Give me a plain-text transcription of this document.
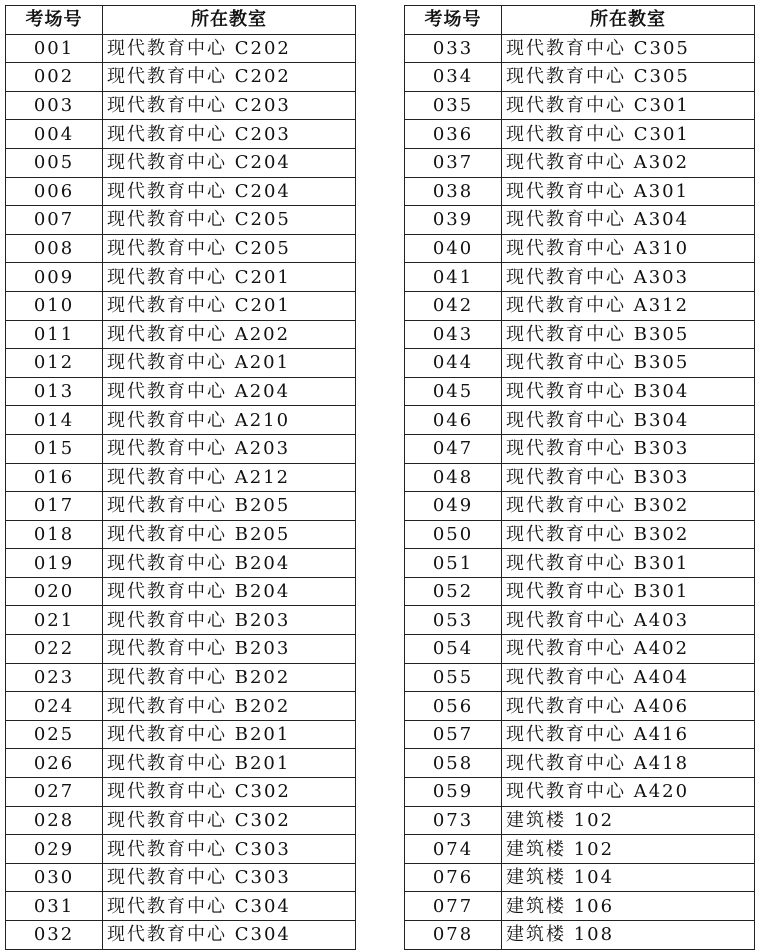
考场号	所在教室
001	现代教育中心 C202
002	现代教育中心 C202
003	现代教育中心 C203
004	现代教育中心 C203
005	现代教育中心 C204
006	现代教育中心 C204
007	现代教育中心 C205
008	现代教育中心 C205
009	现代教育中心 C201
010	现代教育中心 C201
011	现代教育中心 A202
012	现代教育中心 A201
013	现代教育中心 A204
014	现代教育中心 A210
015	现代教育中心 A203
016	现代教育中心 A212
017	现代教育中心 B205
018	现代教育中心 B205
019	现代教育中心 B204
020	现代教育中心 B204
021	现代教育中心 B203
022	现代教育中心 B203
023	现代教育中心 B202
024	现代教育中心 B202
025	现代教育中心 B201
026	现代教育中心 B201
027	现代教育中心 C302
028	现代教育中心 C302
029	现代教育中心 C303
030	现代教育中心 C303
031	现代教育中心 C304
032	现代教育中心 C304
考场号	所在教室
033	现代教育中心 C305
034	现代教育中心 C305
035	现代教育中心 C301
036	现代教育中心 C301
037	现代教育中心 A302
038	现代教育中心 A301
039	现代教育中心 A304
040	现代教育中心 A310
041	现代教育中心 A303
042	现代教育中心 A312
043	现代教育中心 B305
044	现代教育中心 B305
045	现代教育中心 B304
046	现代教育中心 B304
047	现代教育中心 B303
048	现代教育中心 B303
049	现代教育中心 B302
050	现代教育中心 B302
051	现代教育中心 B301
052	现代教育中心 B301
053	现代教育中心 A403
054	现代教育中心 A402
055	现代教育中心 A404
056	现代教育中心 A406
057	现代教育中心 A416
058	现代教育中心 A418
059	现代教育中心 A420
073	建筑楼 102
074	建筑楼 102
076	建筑楼 104
077	建筑楼 106
078	建筑楼 108
